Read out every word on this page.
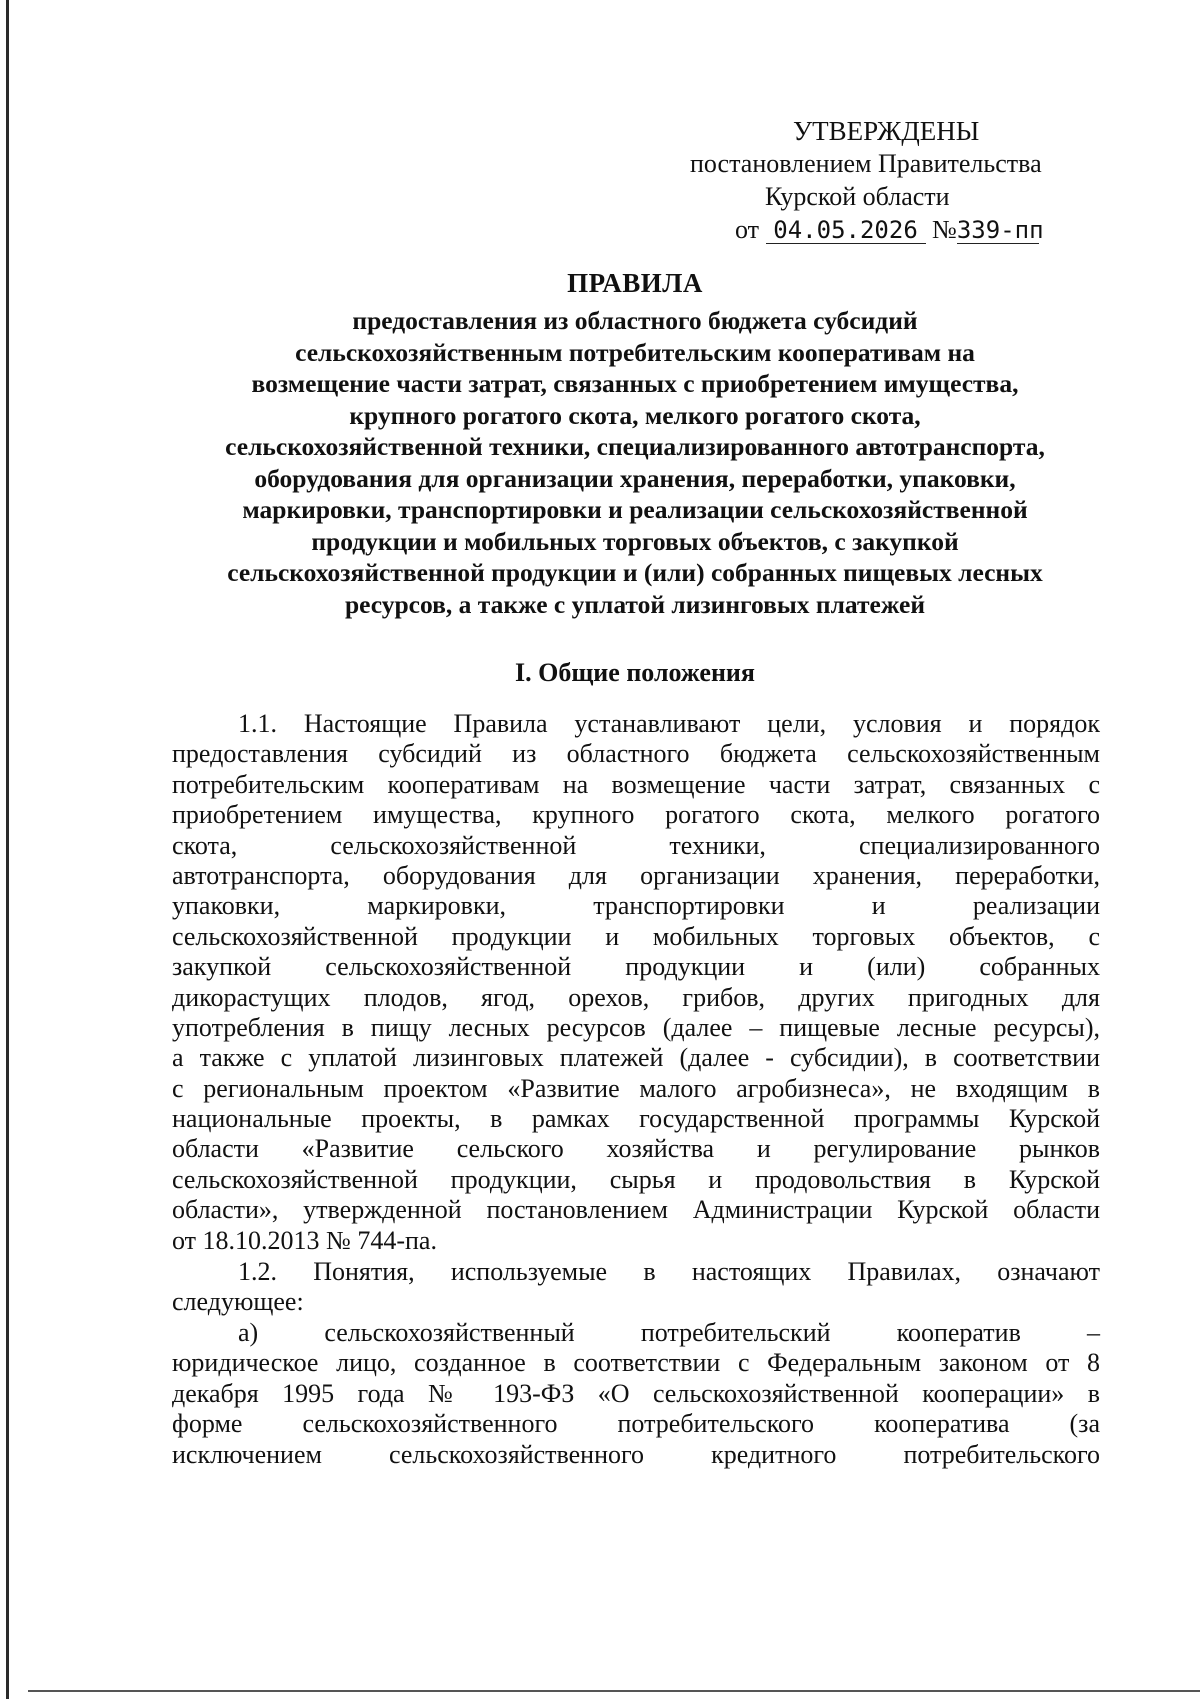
УТВЕРЖДЕНЫ
постановлением Правительства
Курской области
от 04.05.2026 №339-пп
ПРАВИЛА
предоставления из областного бюджета субсидий
сельскохозяйственным потребительским кооперативам на
возмещение части затрат, связанных с приобретением имущества,
крупного рогатого скота, мелкого рогатого скота,
сельскохозяйственной техники, специализированного автотранспорта,
оборудования для организации хранения, переработки, упаковки,
маркировки, транспортировки и реализации сельскохозяйственной
продукции и мобильных торговых объектов, с закупкой
сельскохозяйственной продукции и (или) собранных пищевых лесных
ресурсов, а также с уплатой лизинговых платежей
I. Общие положения
1.1. Настоящие Правила устанавливают цели, условия и порядок
предоставления субсидий из областного бюджета сельскохозяйственным
потребительским кооперативам на возмещение части затрат, связанных с
приобретением имущества, крупного рогатого скота, мелкого рогатого
скота, сельскохозяйственной техники, специализированного
автотранспорта, оборудования для организации хранения, переработки,
упаковки, маркировки, транспортировки и реализации
сельскохозяйственной продукции и мобильных торговых объектов, с
закупкой сельскохозяйственной продукции и (или) собранных
дикорастущих плодов, ягод, орехов, грибов, других пригодных для
употребления в пищу лесных ресурсов (далее – пищевые лесные ресурсы),
а также с уплатой лизинговых платежей (далее - субсидии), в соответствии
с региональным проектом «Развитие малого агробизнеса», не входящим в
национальные проекты, в рамках государственной программы Курской
области «Развитие сельского хозяйства и регулирование рынков
сельскохозяйственной продукции, сырья и продовольствия в Курской
области», утвержденной постановлением Администрации Курской области
от 18.10.2013 № 744-па.
1.2. Понятия, используемые в настоящих Правилах, означают
следующее:
а) сельскохозяйственный потребительский кооператив –
юридическое лицо, созданное в соответствии с Федеральным законом от 8
декабря 1995 года № 193-ФЗ «О сельскохозяйственной кооперации» в
форме сельскохозяйственного потребительского кооператива (за
исключением сельскохозяйственного кредитного потребительского
